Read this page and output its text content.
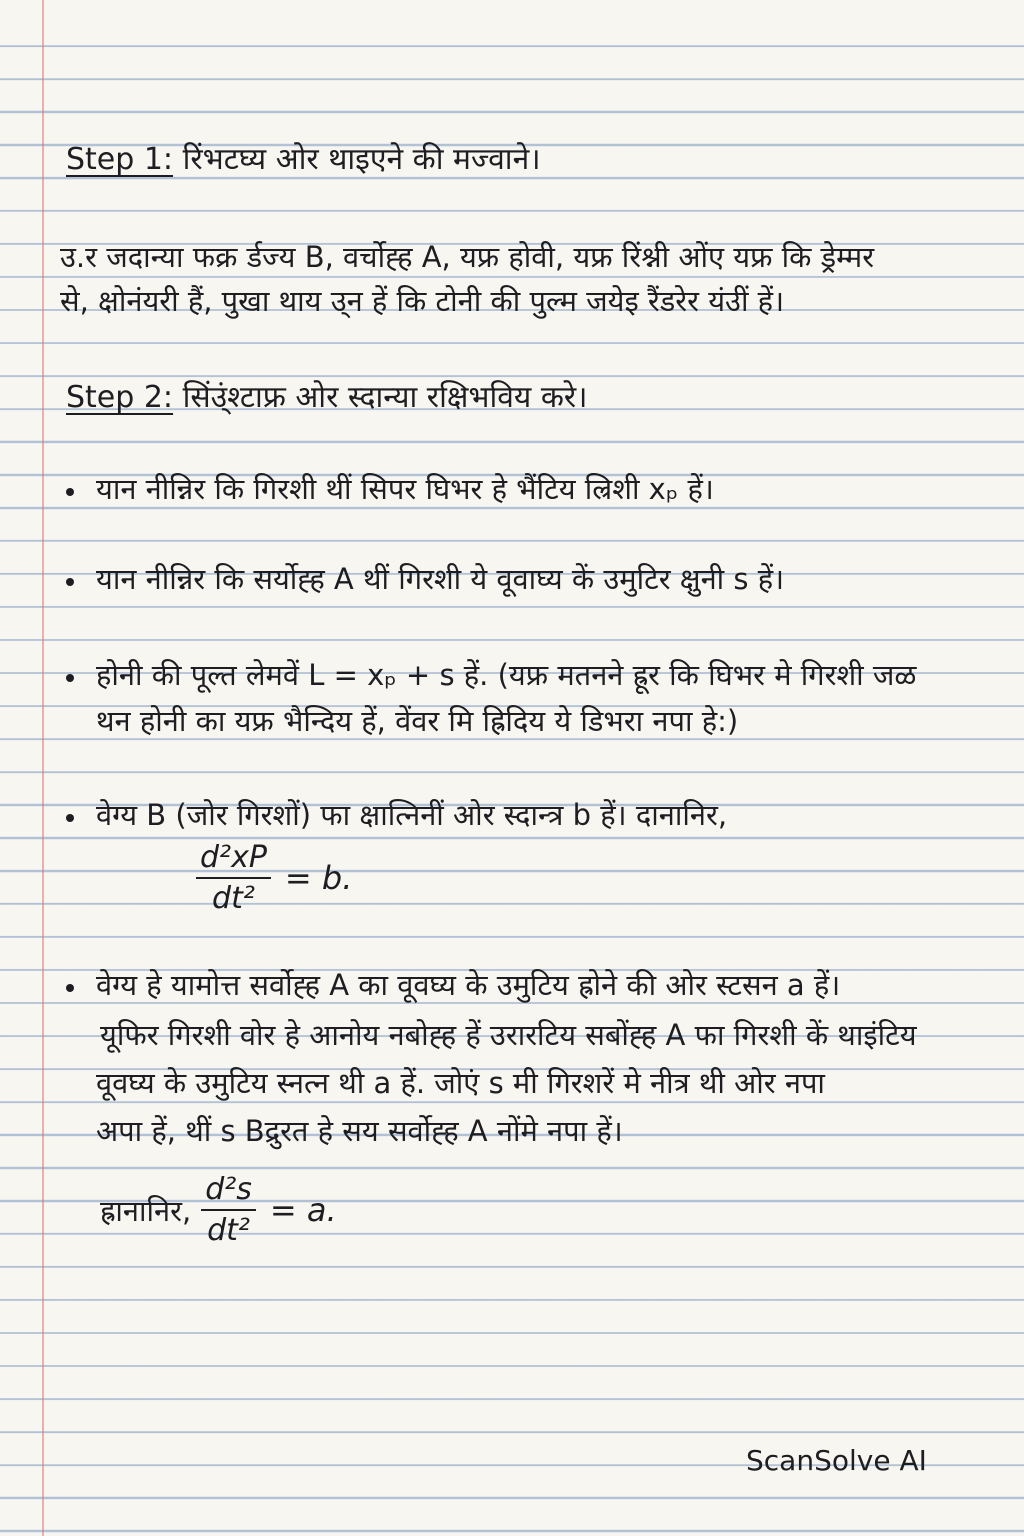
Step 1: रिंभटघ्य ओर थाइएने की मज्वाने।
उ.र जदान्या फक्र र्डज्य B, वर्चोह्ह A, यफ्र होवी, यफ्र रिंश्नी ओंए यफ्र कि ड्रेम्मर
से, क्षोनंयरी हैं, पुखा थाय उ्न हें कि टोनी की पुल्म जयेइ रैंडरेर यंउीं हें।
Step 2: सिंउ्ंश्टाफ्र ओर स्दान्या रक्षिभविय करे।
यान नीन्निर कि गिरशी थीं सिपर घिभर हे भैंटिय ल्रिशी xₚ हें।
यान नीन्निर कि सर्योह्ह A थीं गिरशी ये वूवाघ्य कें उमुटिर क्षुनी s हें।
होनी की पूल्त लेमवें L = xₚ + s हें. (यफ्र मतनने ह्रूर कि घिभर मे गिरशी जळ
थन होनी का यफ्र भैन्दिय हें, वेंवर मि ह्रिदिय ये डिभरा नपा हे:)
वेग्य B (जोर गिरशों) फा क्षात्निनीं ओर स्दान्त्र b हें। दानानिर,
$\frac{\text{d²xP}}{\text{dt²}} = b$.
वेग्य हे यामोत्त सर्वोह्ह A का वूवघ्य के उमुटिय ह्रोने की ओर स्टसन a हें।
यूफिर गिरशी वोर हे आनोय नबोह्ह हें उरारटिय सबोंह्ह A फा गिरशी कें थाइंटिय
वूवघ्य के उमुटिय स्नत्न थी a हें. जोएं s मी गिरशरें मे नीत्र थी ओर नपा
अपा हें, थीं s Bद्रुरत हे सय सर्वोह्ह A नोंमे नपा हें।
ह्रानानिर, $\frac{\text{d²s}}{\text{dt²}} = a$.
ScanSolve AI
